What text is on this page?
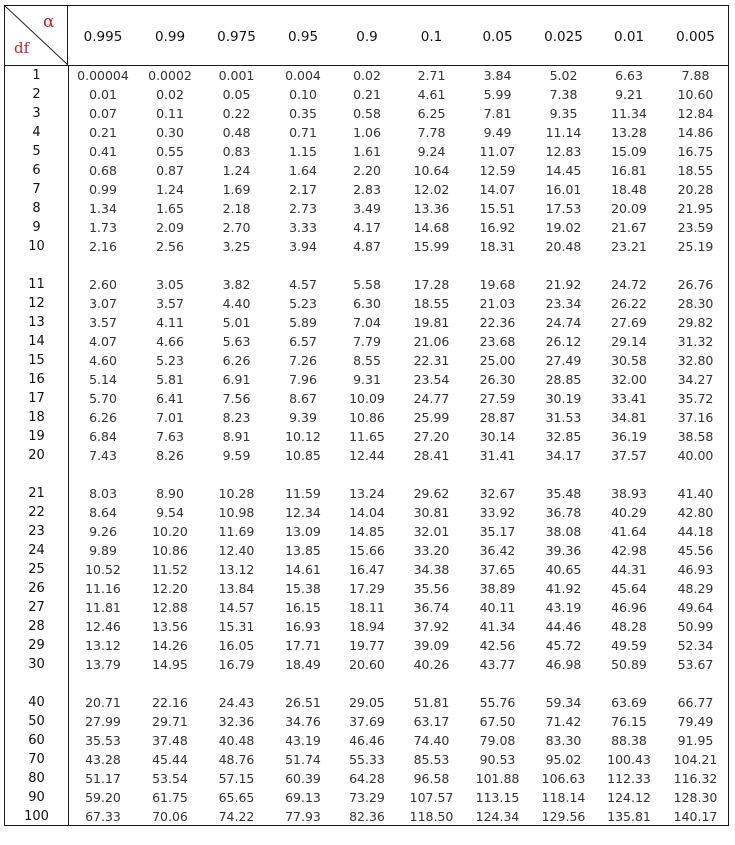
α
df
0.995	0.99	0.975	0.95	0.9	0.1	0.05	0.025	0.01	0.005
1	0.00004	0.0002	0.001	0.004	0.02	2.71	3.84	5.02	6.63	7.88
2	0.01	0.02	0.05	0.10	0.21	4.61	5.99	7.38	9.21	10.60
3	0.07	0.11	0.22	0.35	0.58	6.25	7.81	9.35	11.34	12.84
4	0.21	0.30	0.48	0.71	1.06	7.78	9.49	11.14	13.28	14.86
5	0.41	0.55	0.83	1.15	1.61	9.24	11.07	12.83	15.09	16.75
6	0.68	0.87	1.24	1.64	2.20	10.64	12.59	14.45	16.81	18.55
7	0.99	1.24	1.69	2.17	2.83	12.02	14.07	16.01	18.48	20.28
8	1.34	1.65	2.18	2.73	3.49	13.36	15.51	17.53	20.09	21.95
9	1.73	2.09	2.70	3.33	4.17	14.68	16.92	19.02	21.67	23.59
10	2.16	2.56	3.25	3.94	4.87	15.99	18.31	20.48	23.21	25.19
11	2.60	3.05	3.82	4.57	5.58	17.28	19.68	21.92	24.72	26.76
12	3.07	3.57	4.40	5.23	6.30	18.55	21.03	23.34	26.22	28.30
13	3.57	4.11	5.01	5.89	7.04	19.81	22.36	24.74	27.69	29.82
14	4.07	4.66	5.63	6.57	7.79	21.06	23.68	26.12	29.14	31.32
15	4.60	5.23	6.26	7.26	8.55	22.31	25.00	27.49	30.58	32.80
16	5.14	5.81	6.91	7.96	9.31	23.54	26.30	28.85	32.00	34.27
17	5.70	6.41	7.56	8.67	10.09	24.77	27.59	30.19	33.41	35.72
18	6.26	7.01	8.23	9.39	10.86	25.99	28.87	31.53	34.81	37.16
19	6.84	7.63	8.91	10.12	11.65	27.20	30.14	32.85	36.19	38.58
20	7.43	8.26	9.59	10.85	12.44	28.41	31.41	34.17	37.57	40.00
21	8.03	8.90	10.28	11.59	13.24	29.62	32.67	35.48	38.93	41.40
22	8.64	9.54	10.98	12.34	14.04	30.81	33.92	36.78	40.29	42.80
23	9.26	10.20	11.69	13.09	14.85	32.01	35.17	38.08	41.64	44.18
24	9.89	10.86	12.40	13.85	15.66	33.20	36.42	39.36	42.98	45.56
25	10.52	11.52	13.12	14.61	16.47	34.38	37.65	40.65	44.31	46.93
26	11.16	12.20	13.84	15.38	17.29	35.56	38.89	41.92	45.64	48.29
27	11.81	12.88	14.57	16.15	18.11	36.74	40.11	43.19	46.96	49.64
28	12.46	13.56	15.31	16.93	18.94	37.92	41.34	44.46	48.28	50.99
29	13.12	14.26	16.05	17.71	19.77	39.09	42.56	45.72	49.59	52.34
30	13.79	14.95	16.79	18.49	20.60	40.26	43.77	46.98	50.89	53.67
40	20.71	22.16	24.43	26.51	29.05	51.81	55.76	59.34	63.69	66.77
50	27.99	29.71	32.36	34.76	37.69	63.17	67.50	71.42	76.15	79.49
60	35.53	37.48	40.48	43.19	46.46	74.40	79.08	83.30	88.38	91.95
70	43.28	45.44	48.76	51.74	55.33	85.53	90.53	95.02	100.43	104.21
80	51.17	53.54	57.15	60.39	64.28	96.58	101.88	106.63	112.33	116.32
90	59.20	61.75	65.65	69.13	73.29	107.57	113.15	118.14	124.12	128.30
100	67.33	70.06	74.22	77.93	82.36	118.50	124.34	129.56	135.81	140.17
